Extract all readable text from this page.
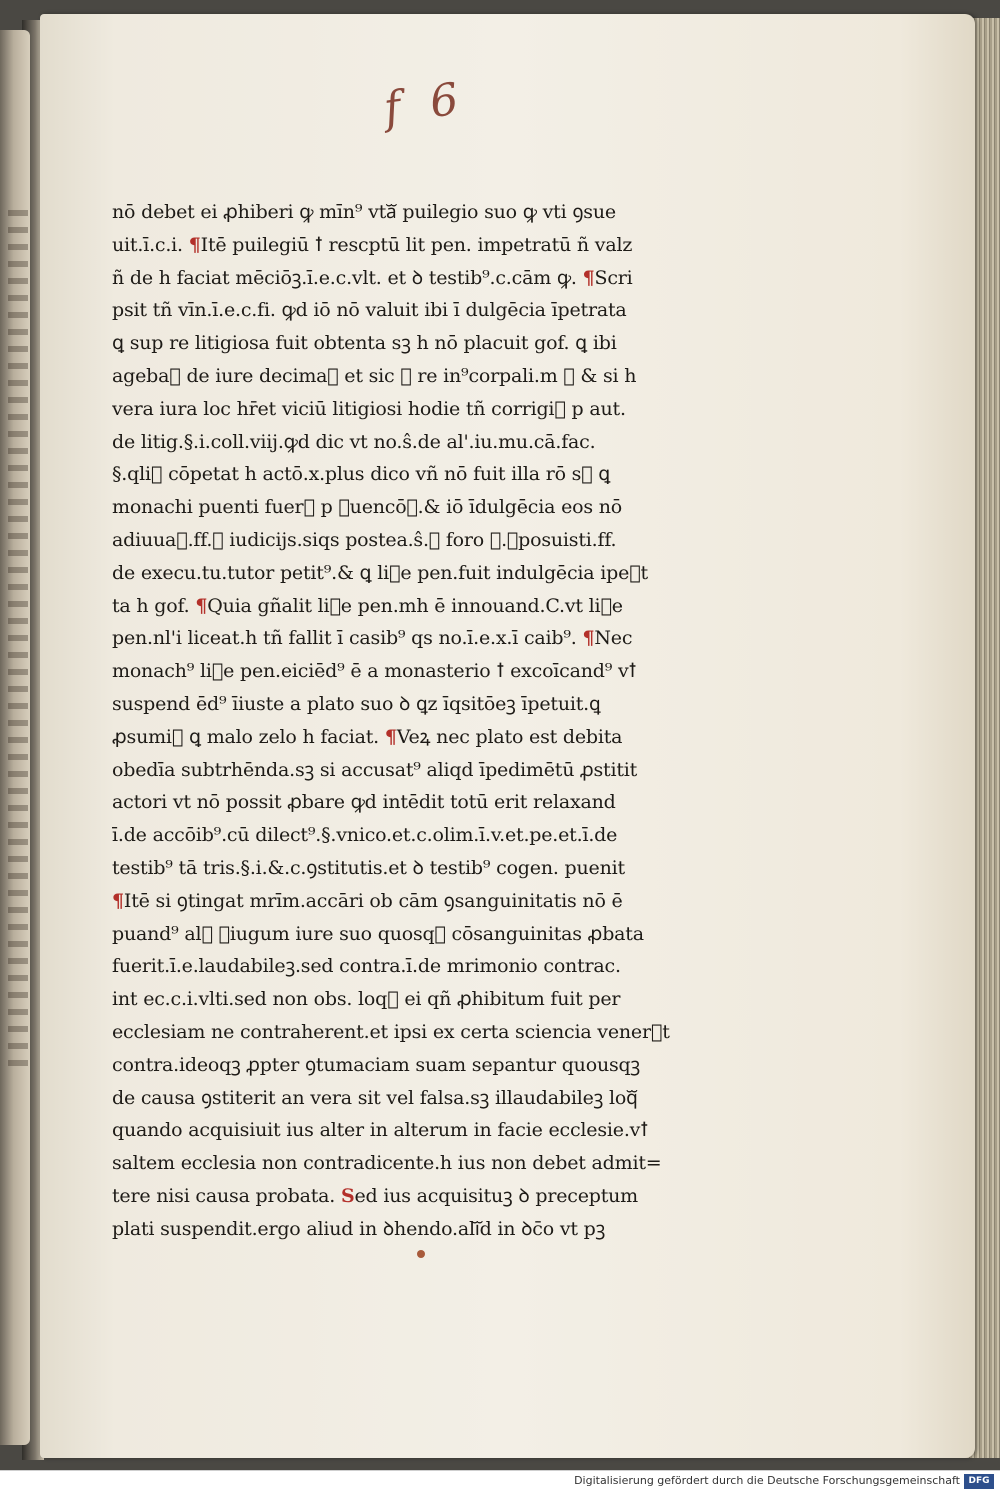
f 6
nō debet ei ꝓhiberi ꝙ mīn⁹ vtaᷓ puilegio suo ꝙ vti ꝯsue
uit.ī.c.i. ¶Itē puilegiū ꝉ rescptū lit pen. impetratū ñ valz
ñ de h faciat mēciōꝫ.ī.e.c.vlt. et ꝺ testib⁹.c.cām ꝙ. ¶Scri
psit tñ vīn.ī.e.c.fi. ꝙd iō nō valuit ibi ī dulgēcia īpetrata
ꝗ sup re litigiosa fuit obtenta sꝫ h nō placuit gof. ꝗ ibi
agebaᷓ de iure decimaꝝ et sic ꝺ re in⁹corpali.m ꝙ & si h
vera iura loc hr̄et viciū litigiosi hodie tñ corrigiᷓ p aut.
de litig.§.i.coll.viij.ꝙd dic vt no.ŝ.de al'.iu.mu.cā.fac.
§.qliᷓ cōpetat h actō.x.plus dico vñ nō fuit illa rō sꝫ ꝗ
monachi puenti fuerᷓ p ꝺuencōꝫ.& iō īdulgēcia eos nō
adiuuaᷓ.ff.ꝺ iudicijs.siqs postea.ŝ.ꝺ foro ꝯ.ꝯposuisti.ff.
de execu.tu.tutor petit⁹.& ꝗ liᷓe pen.fuit indulgēcia ipeᷓt
ta h gof. ¶Quia gñalit liᷓe pen.mh ē innouand.C.vt liᷓe
pen.nl'i liceat.h tñ fallit ī casib⁹ qs no.ī.e.x.ī caib⁹. ¶Nec
monach⁹ liᷓe pen.eiciēd⁹ ē a monasterio ꝉ excoīcand⁹ vꝉ
suspend ēd⁹ īiuste a plato suo ꝺ ꝗz īqsitōeꝫ īpetuit.ꝗ
ꝓsumiᷓ ꝗ malo zelo h faciat. ¶Veꝝ nec plato est debita
obedīa subtrhēnda.sꝫ si accusat⁹ aliqd īpedimētū ꝓstitit
actori vt nō possit ꝓbare ꝙd intēdit totū erit relaxand
ī.de accōib⁹.cū dilect⁹.§.vnico.et.c.olim.ī.v.et.pe.et.ī.de
testib⁹ tā tris.§.i.&.c.ꝯstitutis.et ꝺ testib⁹ cogen. puenit
¶Itē si ꝯtingat mrīm.accāri ob cām ꝯsanguinitatis nō ē
puand⁹ alᷓ ꝯiugum iure suo quosqꝫ cōsanguinitas ꝓbata
fuerit.ī.e.laudabileꝫ.sed contra.ī.de mrimonio contrac.
int ec.c.i.vlti.sed non obs. loqᷓ ei qñ ꝓhibitum fuit per
ecclesiam ne contraherent.et ipsi ex certa sciencia venerᷓt
contra.ideoqꝫ ꝓpter ꝯtumaciam suam sepantur quousqꝫ
de causa ꝯstiterit an vera sit vel falsa.sꝫ illaudabileꝫ loqᷓ
quando acquisiuit ius alter in alterum in facie ecclesie.vꝉ
saltem ecclesia non contradicente.h ius non debet admit=
tere nisi causa probata. Sed ius acquisituꝫ ꝺ preceptum
plati suspendit.ergo aliud in ꝺhendo.aliᷓd in ꝺc̄o vt pꝫ
Digitalisierung gefördert durch die Deutsche Forschungsgemeinschaft DFG
